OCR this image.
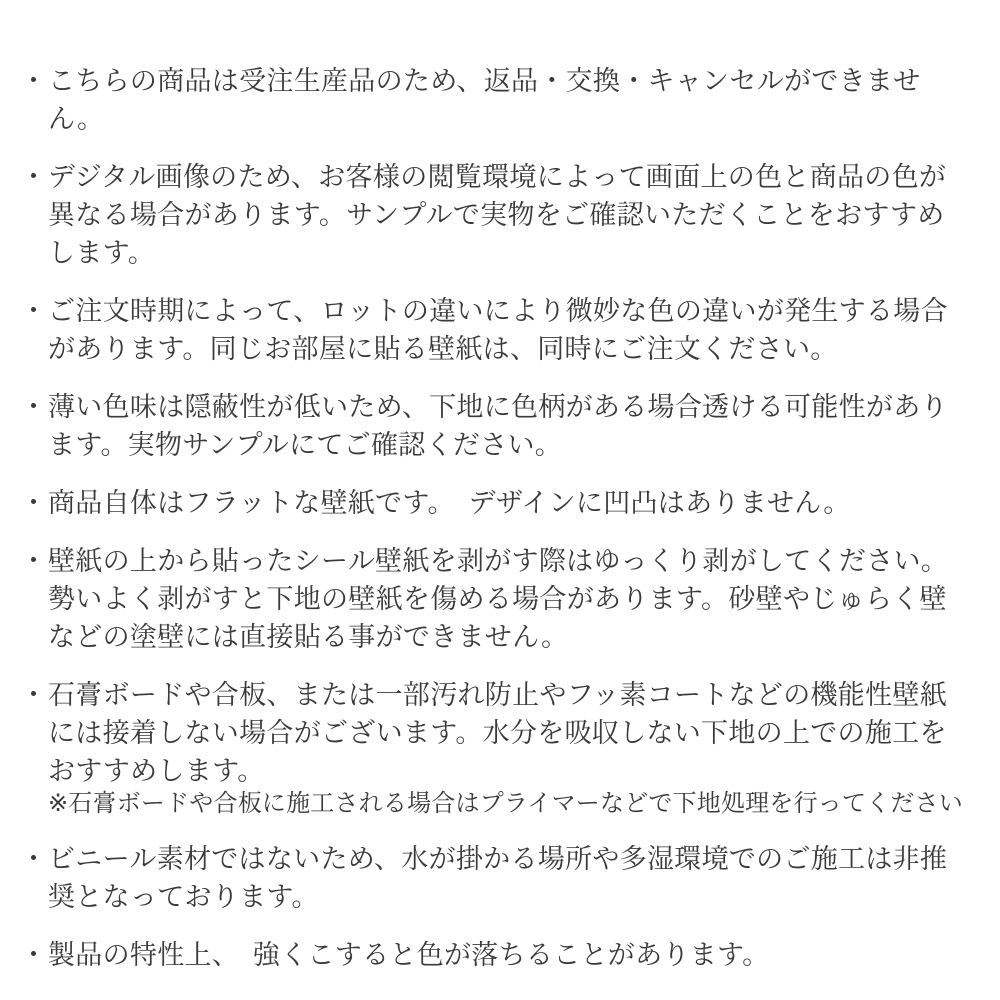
・ こちらの商品は受注生産品のため、返品・交換・キャンセルができません。
・ デジタル画像のため、お客様の閲覧環境によって画面上の色と商品の色が異なる場合があります。サンプルで実物をご確認いただくことをおすすめします。
・ ご注文時期によって、ロットの違いにより微妙な色の違いが発生する場合があります。同じお部屋に貼る壁紙は、同時にご注文ください。
・ 薄い色味は隠蔽性が低いため、下地に色柄がある場合透ける可能性があります。実物サンプルにてご確認ください。
・ 商品自体はフラットな壁紙です。　デザインに凹凸はありません。
・ 壁紙の上から貼ったシール壁紙を剥がす際はゆっくり剥がしてください。勢いよく剥がすと下地の壁紙を傷める場合があります。砂壁やじゅらく壁などの塗壁には直接貼る事ができません。
・ 石膏ボードや合板、または一部汚れ防止やフッ素コートなどの機能性壁紙には接着しない場合がございます。水分を吸収しない下地の上での施工をおすすめします。
※石膏ボードや合板に施工される場合はプライマーなどで下地処理を行ってください
・ ビニール素材ではないため、水が掛かる場所や多湿環境でのご施工は非推奨となっております。
・ 製品の特性上、　強くこすると色が落ちることがあります。
